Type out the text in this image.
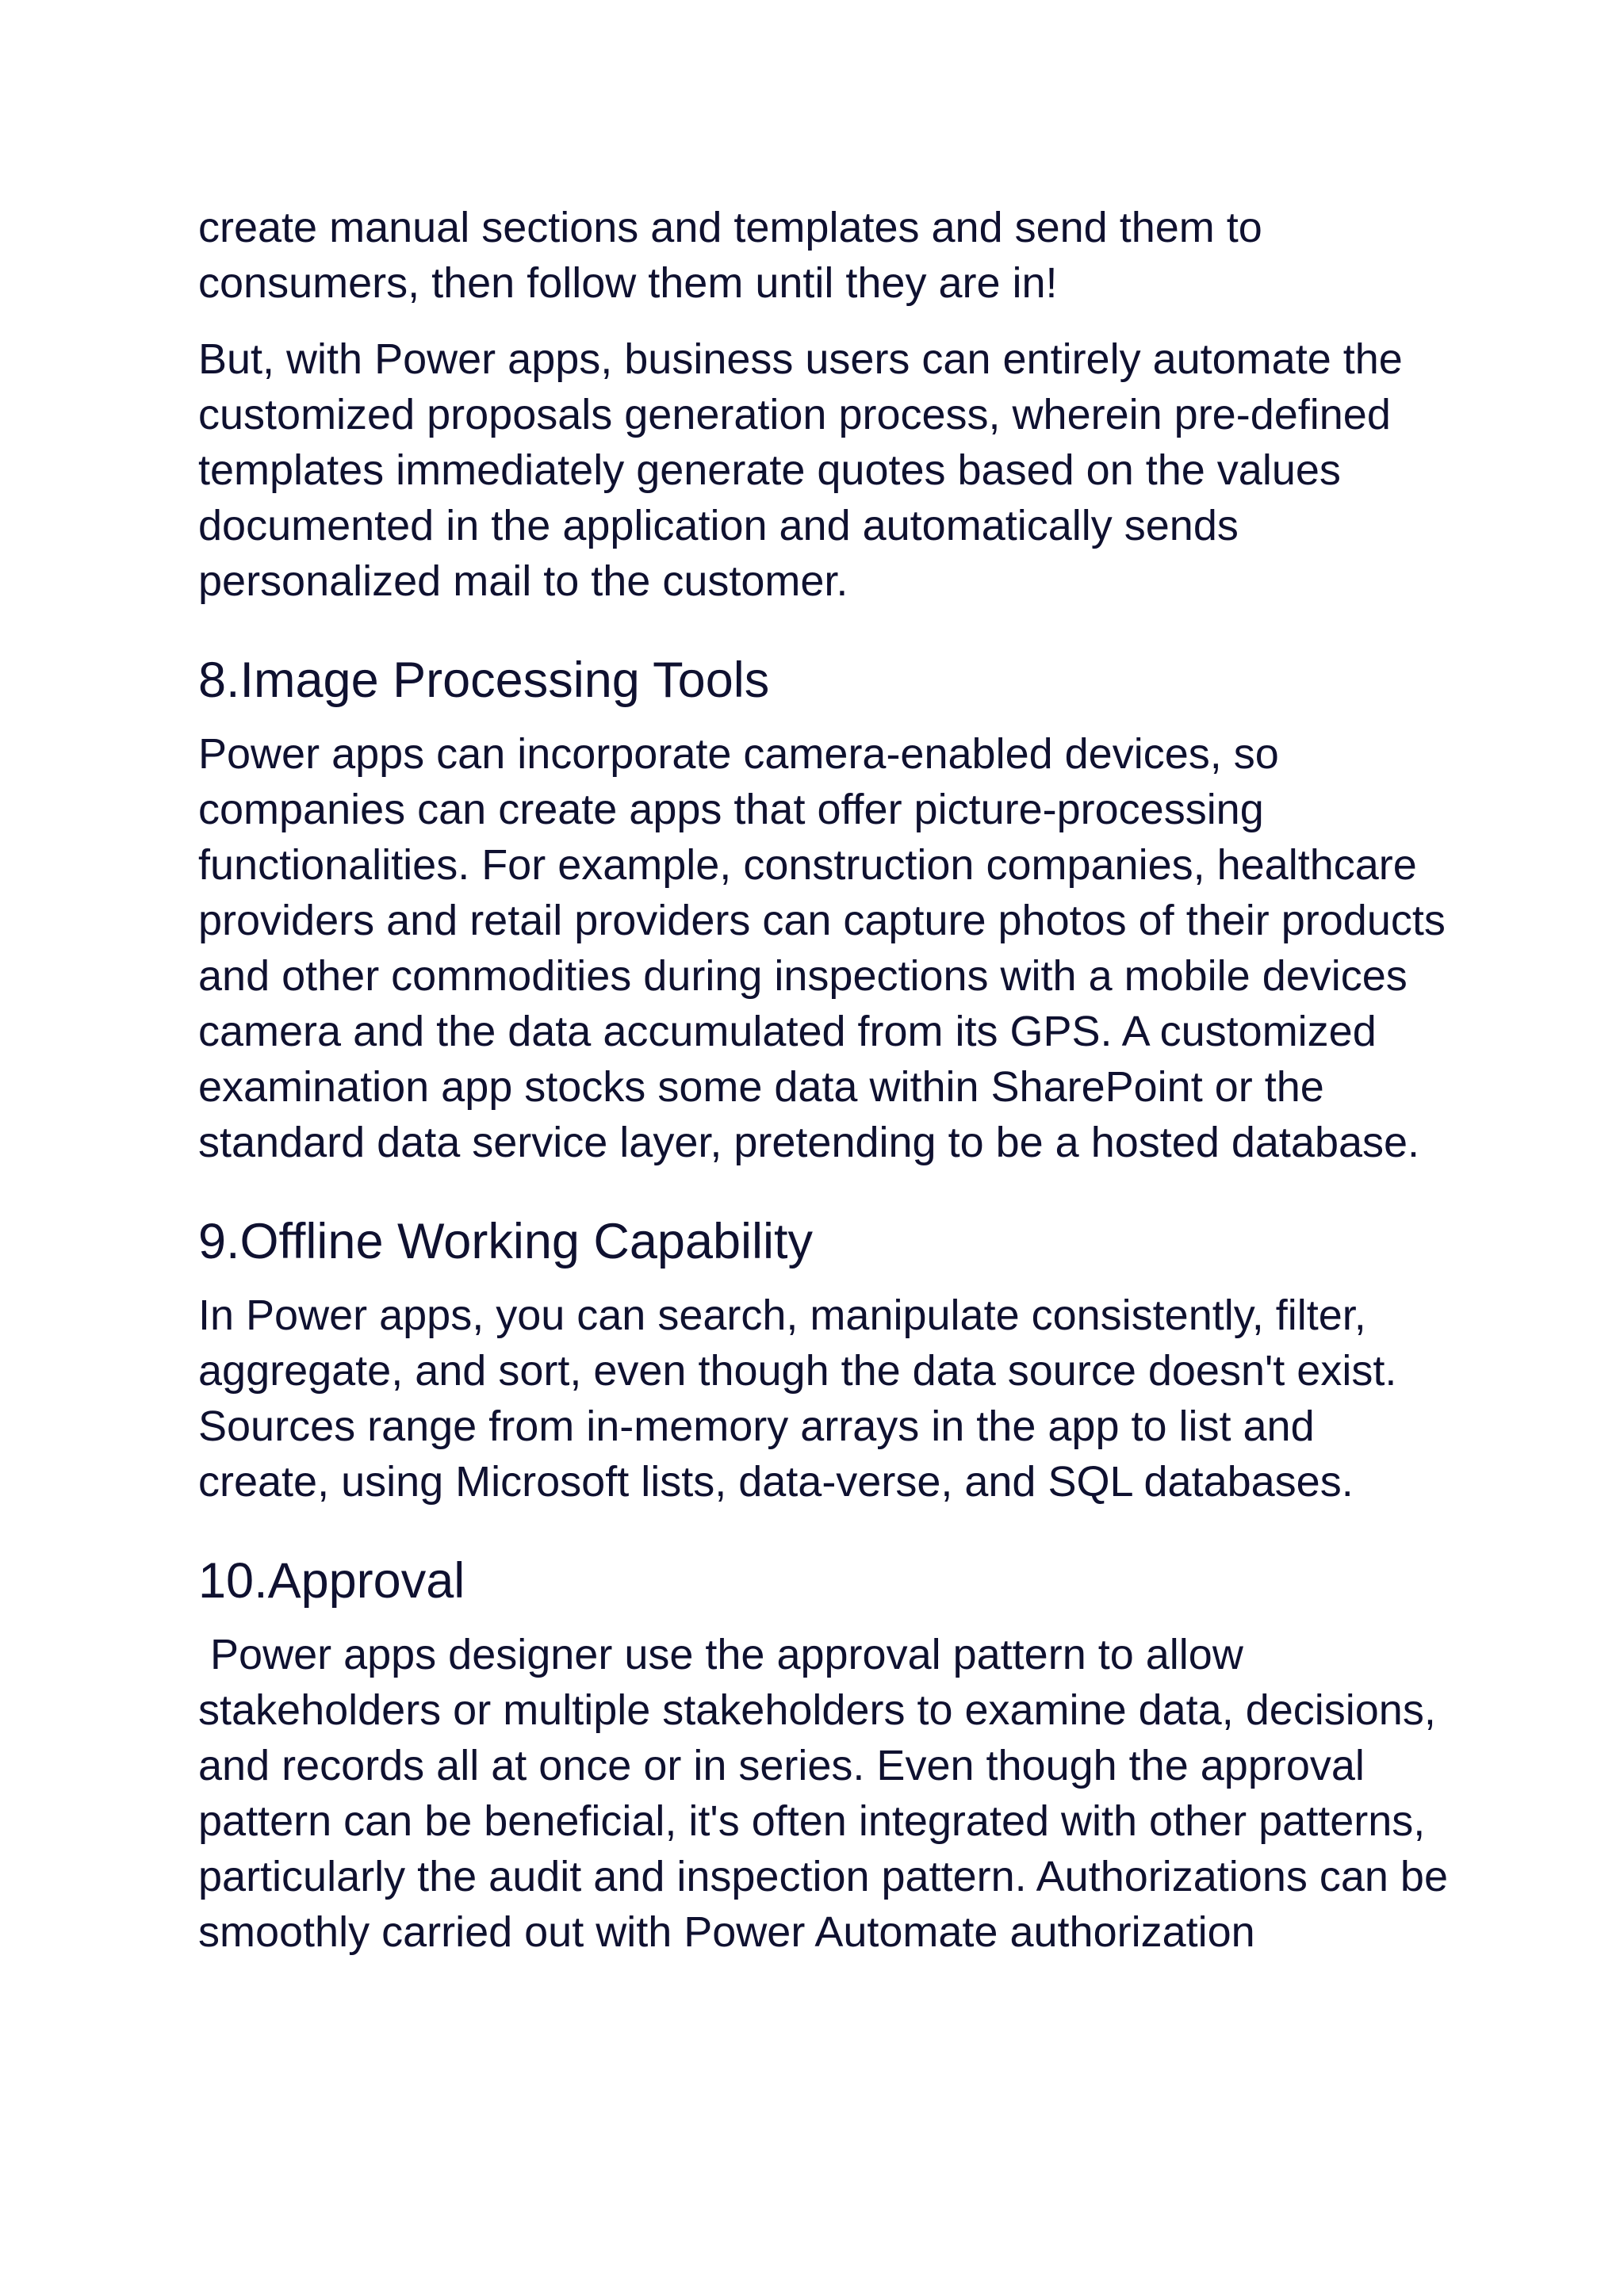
create manual sections and templates and send them to
consumers, then follow them until they are in!

But, with Power apps, business users can entirely automate the
customized proposals generation process, wherein pre-defined
templates immediately generate quotes based on the values
documented in the application and automatically sends
personalized mail to the customer.

8.Image Processing Tools

Power apps can incorporate camera-enabled devices, so
companies can create apps that offer picture-processing
functionalities. For example, construction companies, healthcare
providers and retail providers can capture photos of their products
and other commodities during inspections with a mobile devices
camera and the data accumulated from its GPS. A customized
examination app stocks some data within SharePoint or the
standard data service layer, pretending to be a hosted database.

9.Offline Working Capability

In Power apps, you can search, manipulate consistently, filter,
aggregate, and sort, even though the data source doesn't exist.
Sources range from in-memory arrays in the app to list and
create, using Microsoft lists, data-verse, and SQL databases.

10.Approval

Power apps designer use the approval pattern to allow
stakeholders or multiple stakeholders to examine data, decisions,
and records all at once or in series. Even though the approval
pattern can be beneficial, it's often integrated with other patterns,
particularly the audit and inspection pattern. Authorizations can be
smoothly carried out with Power Automate authorization
